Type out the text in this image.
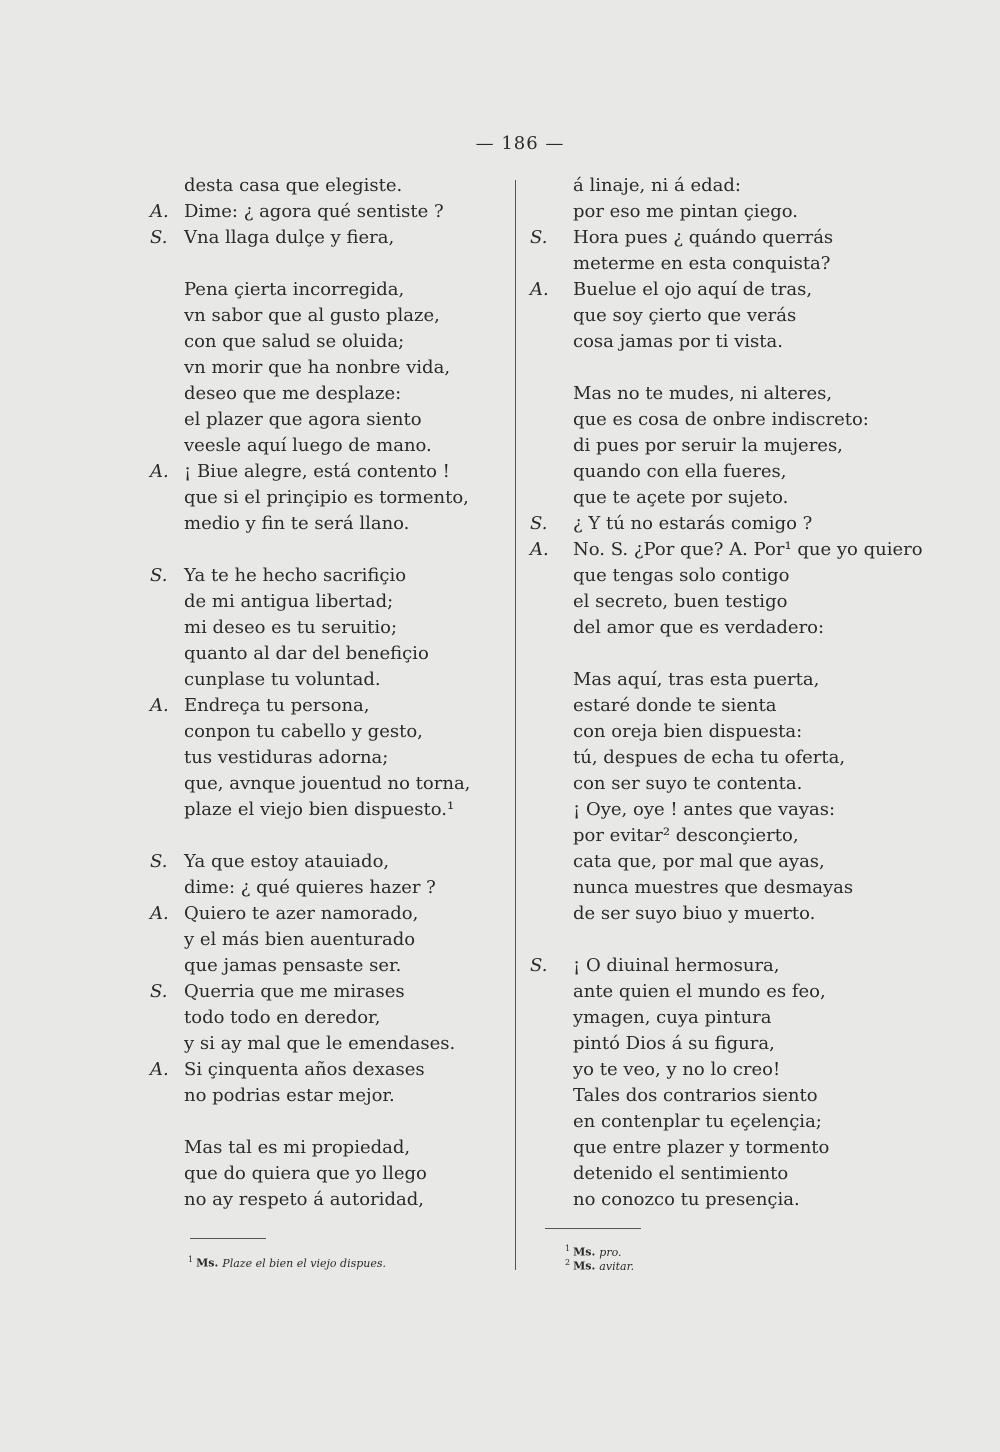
— 186 —
desta casa que elegiste.
A. Dime: ¿ agora qué sentiste ?
S. Vna llaga dulçe y fiera,
Pena çierta incorregida,
vn sabor que al gusto plaze,
con que salud se oluida;
vn morir que ha nonbre vida,
deseo que me desplaze:
el plazer que agora siento
veesle aquí luego de mano.
A. ¡ Biue alegre, está contento !
que si el prinçipio es tormento,
medio y fin te será llano.
S. Ya te he hecho sacrifiçio
de mi antigua libertad;
mi deseo es tu seruitio;
quanto al dar del benefiçio
cunplase tu voluntad.
A. Endreça tu persona,
conpon tu cabello y gesto,
tus vestiduras adorna;
que, avnque jouentud no torna,
plaze el viejo bien dispuesto.¹
S. Ya que estoy atauiado,
dime: ¿ qué quieres hazer ?
A. Quiero te azer namorado,
y el más bien auenturado
que jamas pensaste ser.
S. Querria que me mirases
todo todo en deredor,
y si ay mal que le emendases.
A. Si çinquenta años dexases
no podrias estar mejor.
Mas tal es mi propiedad,
que do quiera que yo llego
no ay respeto á autoridad,
á linaje, ni á edad:
por eso me pintan çiego.
S.	Hora pues ¿ quándo querrás
meterme en esta conquista?
A.	Buelue el ojo aquí de tras,
que soy çierto que verás
cosa jamas por ti vista.
Mas no te mudes, ni alteres,
que es cosa de onbre indiscreto:
di pues por seruir la mujeres,
quando con ella fueres,
que te açete por sujeto.
S.	¿ Y tú no estarás comigo ?
A.	No. S. ¿Por que? A. Por¹ que yo quiero
que tengas solo contigo
el secreto, buen testigo
del amor que es verdadero:
Mas aquí, tras esta puerta,
estaré donde te sienta
con oreja bien dispuesta:
tú, despues de echa tu oferta,
con ser suyo te contenta.
¡ Oye, oye ! antes que vayas:
por evitar² desconçierto,
cata que, por mal que ayas,
nunca muestres que desmayas
de ser suyo biuo y muerto.
S.	¡ O diuinal hermosura,
ante quien el mundo es feo,
ymagen, cuya pintura
pintó Dios á su figura,
yo te veo, y no lo creo!
Tales dos contrarios siento
en contenplar tu eçelençia;
que entre plazer y tormento
detenido el sentimiento
no conozco tu presençia.
$^1$ Ms. Plaze el bien el viejo dispues.
$^1$ Ms. pro.
$^2$ Ms. avitar.
